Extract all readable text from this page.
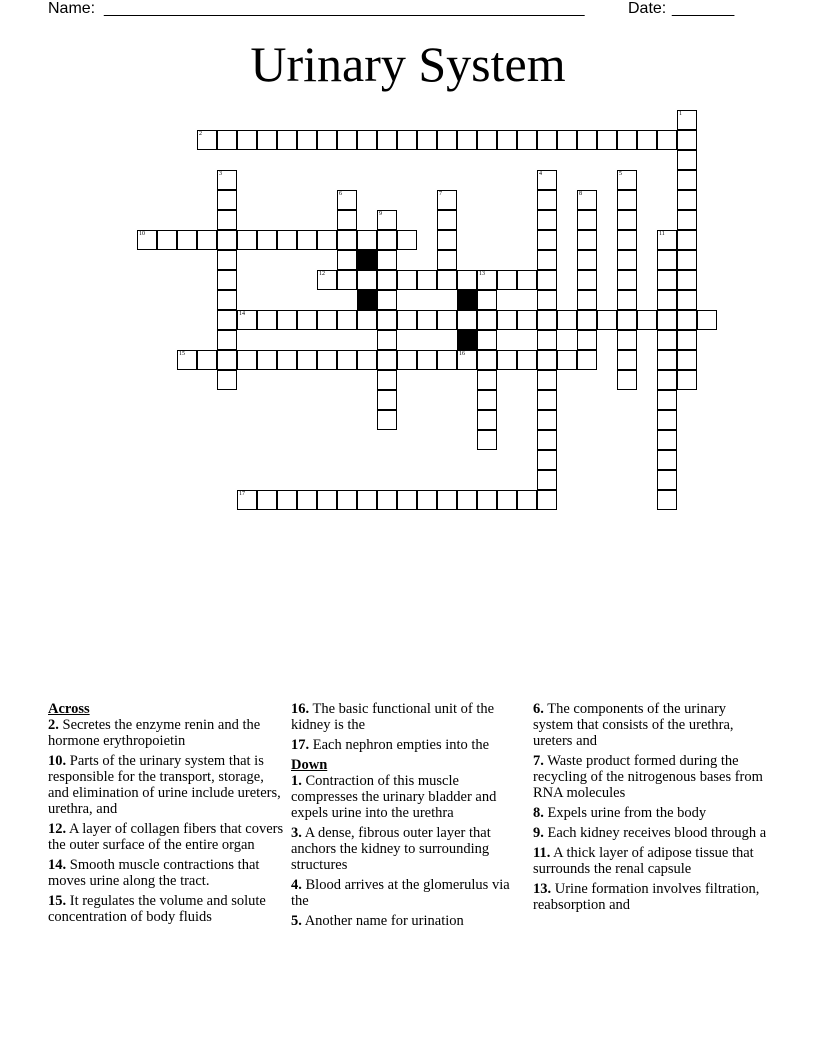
Name: ______________________________________________________	Date: _______
Urinary System
1
2
3	4	5
6	7	8
9
10	11
12	13
14
15	16
17
Across
2. Secretes the enzyme renin and the hormone erythropoietin
10. Parts of the urinary system that is responsible for the transport, storage, and elimination of urine include ureters, urethra, and
12. A layer of collagen fibers that covers the outer surface of the entire organ
14. Smooth muscle contractions that moves urine along the tract.
15. It regulates the volume and solute concentration of body fluids
16. The basic functional unit of the kidney is the
17. Each nephron empties into the
Down
1. Contraction of this muscle compresses the urinary bladder and expels urine into the urethra
3. A dense, fibrous outer layer that anchors the kidney to surrounding structures
4. Blood arrives at the glomerulus via the
5. Another name for urination
6. The components of the urinary system that consists of the urethra, ureters and
7. Waste product formed during the recycling of the nitrogenous bases from RNA molecules
8. Expels urine from the body
9. Each kidney receives blood through a
11. A thick layer of adipose tissue that surrounds the renal capsule
13. Urine formation involves filtration, reabsorption and
